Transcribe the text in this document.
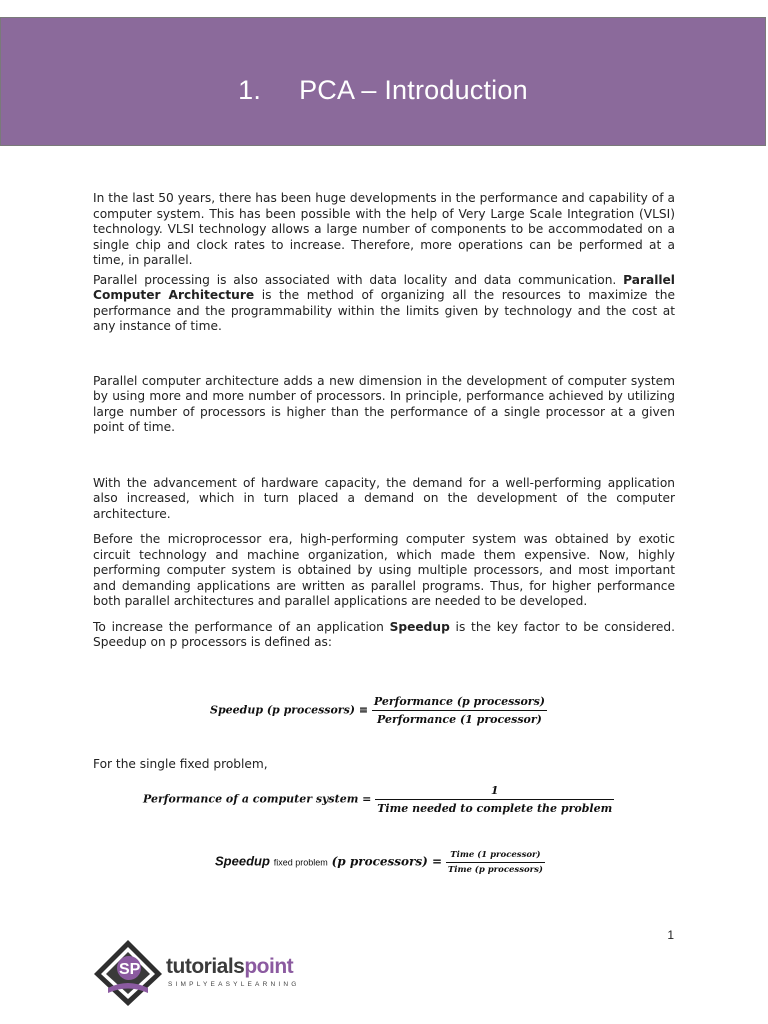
1. PCA – Introduction

In the last 50 years, there has been huge developments in the performance and capability of a computer system. This has been possible with the help of Very Large Scale Integration (VLSI) technology. VLSI technology allows a large number of components to be accommodated on a single chip and clock rates to increase. Therefore, more operations can be performed at a time, in parallel.

Parallel processing is also associated with data locality and data communication. Parallel Computer Architecture is the method of organizing all the resources to maximize the performance and the programmability within the limits given by technology and the cost at any instance of time.

Parallel computer architecture adds a new dimension in the development of computer system by using more and more number of processors. In principle, performance achieved by utilizing large number of processors is higher than the performance of a single processor at a given point of time.

With the advancement of hardware capacity, the demand for a well-performing application also increased, which in turn placed a demand on the development of the computer architecture.

Before the microprocessor era, high-performing computer system was obtained by exotic circuit technology and machine organization, which made them expensive. Now, highly performing computer system is obtained by using multiple processors, and most important and demanding applications are written as parallel programs. Thus, for higher performance both parallel architectures and parallel applications are needed to be developed.

To increase the performance of an application Speedup is the key factor to be considered. Speedup on p processors is defined as:

Speedup (p processors) ≡ $\frac{\text{Performance (p processors)}}{\text{Performance (1 processor)}}$

For the single fixed problem,

Performance of a computer system = $\frac{1}{\text{Time needed to complete the problem}}$
Speedup fixed problem (p processors) = $\frac{\text{Time (1 processor)}}{\text{Time (p processors)}}$
1
SP tutorialspoint
SIMPLYEASYLEARNING
